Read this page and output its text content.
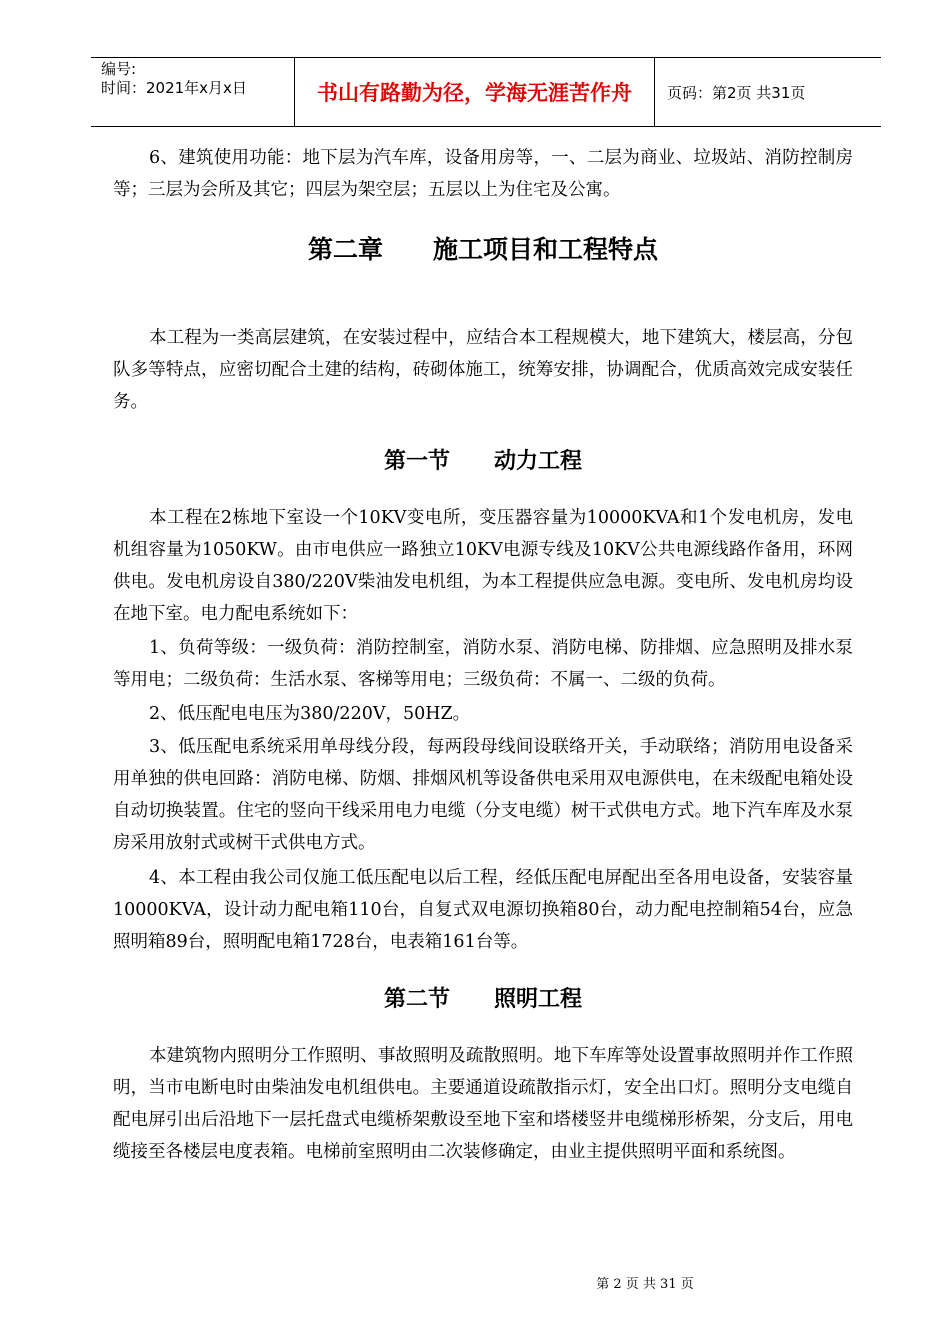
编号:
时间：2021年x月x日	书山有路勤为径，学海无涯苦作舟	页码：第2页 共31页

6、建筑使用功能：地下层为汽车库，设备用房等，一、二层为商业、垃圾站、消防控制房等；三层为会所及其它；四层为架空层；五层以上为住宅及公寓。

第二章　　施工项目和工程特点

本工程为一类高层建筑，在安装过程中，应结合本工程规模大，地下建筑大，楼层高，分包队多等特点，应密切配合土建的结构，砖砌体施工，统筹安排，协调配合，优质高效完成安装任务。

第一节　　动力工程

本工程在2栋地下室设一个10KV变电所，变压器容量为10000KVA和1个发电机房，发电机组容量为1050KW。由市电供应一路独立10KV电源专线及10KV公共电源线路作备用，环网供电。发电机房设自380/220V柴油发电机组，为本工程提供应急电源。变电所、发电机房均设在地下室。电力配电系统如下：

1、负荷等级：一级负荷：消防控制室，消防水泵、消防电梯、防排烟、应急照明及排水泵等用电；二级负荷：生活水泵、客梯等用电；三级负荷：不属一、二级的负荷。

2、低压配电电压为380/220V，50HZ。

3、低压配电系统采用单母线分段，每两段母线间设联络开关，手动联络；消防用电设备采用单独的供电回路：消防电梯、防烟、排烟风机等设备供电采用双电源供电，在未级配电箱处设自动切换装置。住宅的竖向干线采用电力电缆（分支电缆）树干式供电方式。地下汽车库及水泵房采用放射式或树干式供电方式。

4、本工程由我公司仅施工低压配电以后工程，经低压配电屏配出至各用电设备，安装容量10000KVA，设计动力配电箱110台，自复式双电源切换箱80台，动力配电控制箱54台，应急照明箱89台，照明配电箱1728台，电表箱161台等。

第二节　　照明工程

本建筑物内照明分工作照明、事故照明及疏散照明。地下车库等处设置事故照明并作工作照明，当市电断电时由柴油发电机组供电。主要通道设疏散指示灯，安全出口灯。照明分支电缆自配电屏引出后沿地下一层托盘式电缆桥架敷设至地下室和塔楼竖井电缆梯形桥架，分支后，用电缆接至各楼层电度表箱。电梯前室照明由二次装修确定，由业主提供照明平面和系统图。

第 2 页 共 31 页
